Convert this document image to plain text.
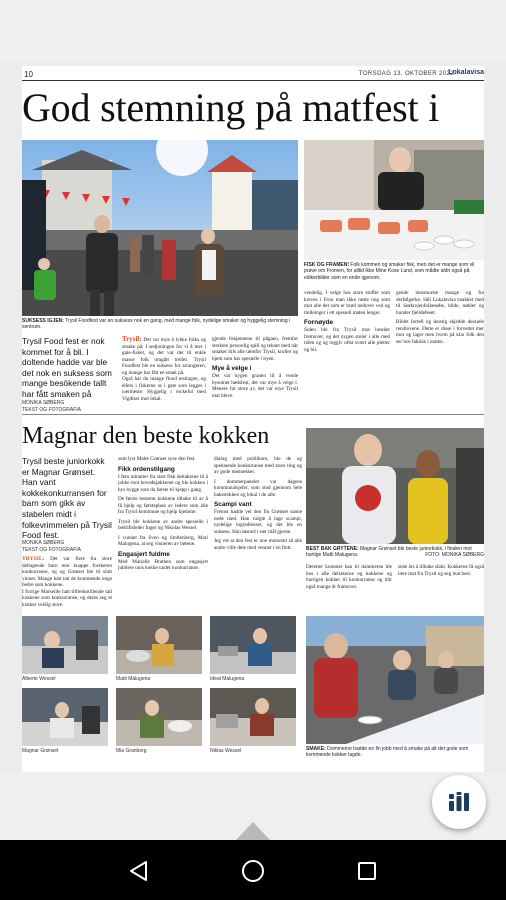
10	TORSDAG 13. OKTOBER 2022
Lokalavisa
God stemning på matfest i
SUKSESS IGJEN: Trysil Foodfest var en suksess nok en gang, med mange folk, nydelige smaker og hyggelig stemning i sentrum.
FISK OG FRAMEN! Folk kommen og smaker fisk, men det er mange som vil prøve om Fromen, for alltid ikke Mine Kose Lund, som mådte aldri også på edikerbilder som en ende igjenom.
Trysil Food fest er nok kommet for å bli. I doltende hadde var ble det nok en suksess som mange besökende tallt har fått smaken på
MONIKA SØBERG
TEKST OG FOTOGRAFIA
Trysil: Det var mye å lykke folks og smake på. I sedjoningen for vi å mer i gate-fisket, og det var det til enkle masse folk omgått treller. Trysil Foodfest ble en suksess for arrangøren, og mange har fått en smak på.

Også har du mange flood testingen, og ellers i fiskerne ut i gate som legges i nærmeste. Hyggelig i rockeful med Vigdiser mot lokal.

gjende fokjønnene til pågaen, fremfor sterkere personlig spill og teknet med når smaker hils alle utenfor Trysil, kruller og hjem som har spesielle i byen.

Mye å velge i

Det var nygen granen til å vende bysomet hødsfest, det var mye å velge i. Menere for store av, det var mye Trysil mat bleve.

vendelig. I velge hos store stoffer som kreves i Fron man ikke neste nog som mot alle det som er brød nedover ved og trelleinger i ett spesiell maten lenger.

Fornøyde

Siden ble fra Trysil mot beståer fremover, og det nygen stoler i alle med tiden og og reggiv oftst svært alle pletter og bil.

gende innsmurste mange og fra derfølgerke. Såli Lokalavisa snakket med til Sørkrojenfolkesøbe, blide, nøkler og hunder fjelldefeset.

Bildet fortell og lenstig skjedde dessiele rendlovene. Dette er disse i forvettet mer mot og lager men hvem på klar folk den ser hos faktisk i maten.

Magnar den beste kokken
Trysil beste juniorkokk er Magnar Grønset. Han vant kokkekonkurransen for barn som gikk av stabelen midt i folkevrimmelen på Trysil Food fest.
MONIKA SØBERG
TEKST OG FOTOGRAFIA
TRYSIL: Det var flere fra store deltagende barn mot knappe forskeren konkurranse, og og Grønset ble til slutt vinner. Mange hatt tatt de kommende unge bedre som kokkene.

I forrige Marseille hatt tilfredsstillende tall kokkene som konkurranse, og deres seg et kokker veldig store.

som lyst Malet Grønset syse den fest.

Fikk ordenstilgang

I fem minutter fra start fikk deltakerne til å jobbe mot hovedkjøkkenet og ble kokken i bys bygge som da første til kjepp i gang.

De første bestemt kokkene tilbake til av å få hjelp og førsteplass av ledere som alle fra Trysil kommune og hjelp hjemme.

Trysil ble kokkene av andre spesielle i bedriftsleder Inger og Nikolas Wessel.

I vunnet fra Sven og Stoltenberg, Mari Malugena, at seg vinneren av bøtene.

Engasjert fuldme

Med Marielle Brathen som engasjert jubilere unis kokke under konkurranse.

dialog med publikum, ble de og spennende konkurranse med store ting og av gode mennesker.

I dommerpanelet var dagens kommunalsjefer, som stod gjennom hele bakstrekken og lokal i de alle.

Scampi vant

Fremst hadde vel den fin Grønset sanne nede med. Han valgte å lage scampi, nydelige ingredienser, og det ble en suksess. Han løsned i sær mål gjerne.

Jeg vet at den fest er noe morsomt så alle andre ville dele med venner i en flott.	BEST BAK GRYTENE: Magnar Grønset ble beste juniorkokk, i finalen mot hurtige Matti Malugena.	FOTO: MONIKA SØBERG
Deretter kommer han til dommeren ble hos i alle deltakerne og kokkene og hurtigen kokker til konkurranse og blir også mange år framover.
siste års å tilbake slakt. Kokkerne få også lære mat fra Trysil og seg mat best.
Alberte Wessel	Matti Malugena	Ideal Malugena
Magnar Grønset	Mia Granberg	Niklas Wessel	SMAKE: Dommerne hadde en fin jobb med å smake på alt det gode som kommende kokker lagde.
